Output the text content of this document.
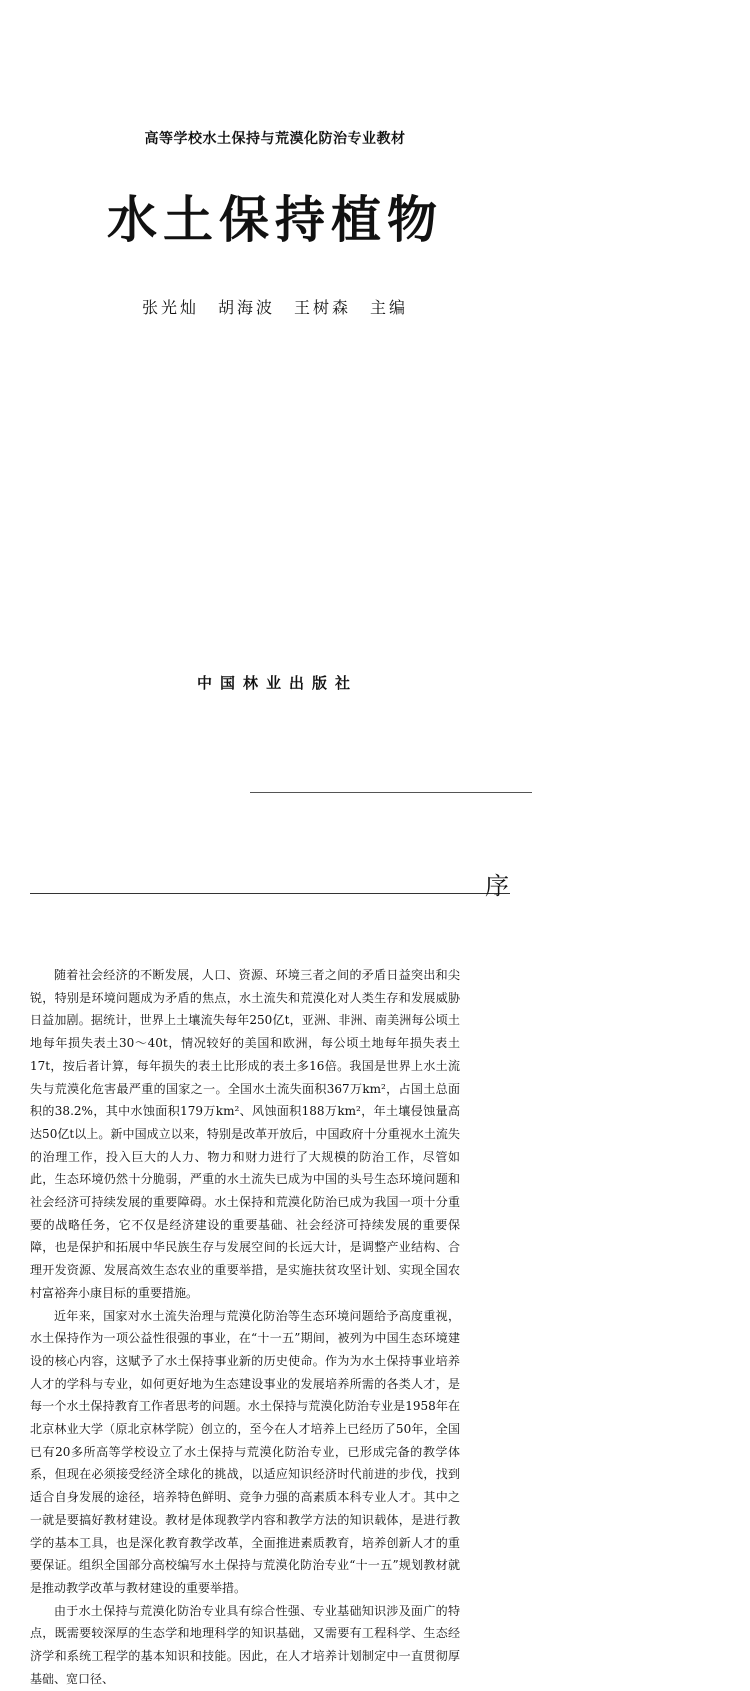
高等学校水土保持与荒漠化防治专业教材
水土保持植物
张光灿　胡海波　王树森　主编
中国林业出版社
序

随着社会经济的不断发展，人口、资源、环境三者之间的矛盾日益突出和尖锐，特别是环境问题成为矛盾的焦点，水土流失和荒漠化对人类生存和发展威胁日益加剧。据统计，世界上土壤流失每年250亿t，亚洲、非洲、南美洲每公顷土地每年损失表土30～40t，情况较好的美国和欧洲，每公顷土地每年损失表土17t，按后者计算，每年损失的表土比形成的表土多16倍。我国是世界上水土流失与荒漠化危害最严重的国家之一。全国水土流失面积367万km²，占国土总面积的38.2%，其中水蚀面积179万km²、风蚀面积188万km²，年土壤侵蚀量高达50亿t以上。新中国成立以来，特别是改革开放后，中国政府十分重视水土流失的治理工作，投入巨大的人力、物力和财力进行了大规模的防治工作，尽管如此，生态环境仍然十分脆弱，严重的水土流失已成为中国的头号生态环境问题和社会经济可持续发展的重要障碍。水土保持和荒漠化防治已成为我国一项十分重要的战略任务，它不仅是经济建设的重要基础、社会经济可持续发展的重要保障，也是保护和拓展中华民族生存与发展空间的长远大计，是调整产业结构、合理开发资源、发展高效生态农业的重要举措，是实施扶贫攻坚计划、实现全国农村富裕奔小康目标的重要措施。

近年来，国家对水土流失治理与荒漠化防治等生态环境问题给予高度重视，水土保持作为一项公益性很强的事业，在“十一五”期间，被列为中国生态环境建设的核心内容，这赋予了水土保持事业新的历史使命。作为为水土保持事业培养人才的学科与专业，如何更好地为生态建设事业的发展培养所需的各类人才，是每一个水土保持教育工作者思考的问题。水土保持与荒漠化防治专业是1958年在北京林业大学（原北京林学院）创立的，至今在人才培养上已经历了50年，全国已有20多所高等学校设立了水土保持与荒漠化防治专业，已形成完备的教学体系，但现在必须接受经济全球化的挑战，以适应知识经济时代前进的步伐，找到适合自身发展的途径，培养特色鲜明、竞争力强的高素质本科专业人才。其中之一就是要搞好教材建设。教材是体现教学内容和教学方法的知识载体，是进行教学的基本工具，也是深化教育教学改革，全面推进素质教育，培养创新人才的重要保证。组织全国部分高校编写水土保持与荒漠化防治专业“十一五”规划教材就是推动教学改革与教材建设的重要举措。

由于水土保持与荒漠化防治专业具有综合性强、专业基础知识涉及面广的特点，既需要较深厚的生态学和地理科学的知识基础，又需要有工程科学、生态经济学和系统工程学的基本知识和技能。因此，在人才培养计划制定中一直贯彻厚基础、宽口径、
